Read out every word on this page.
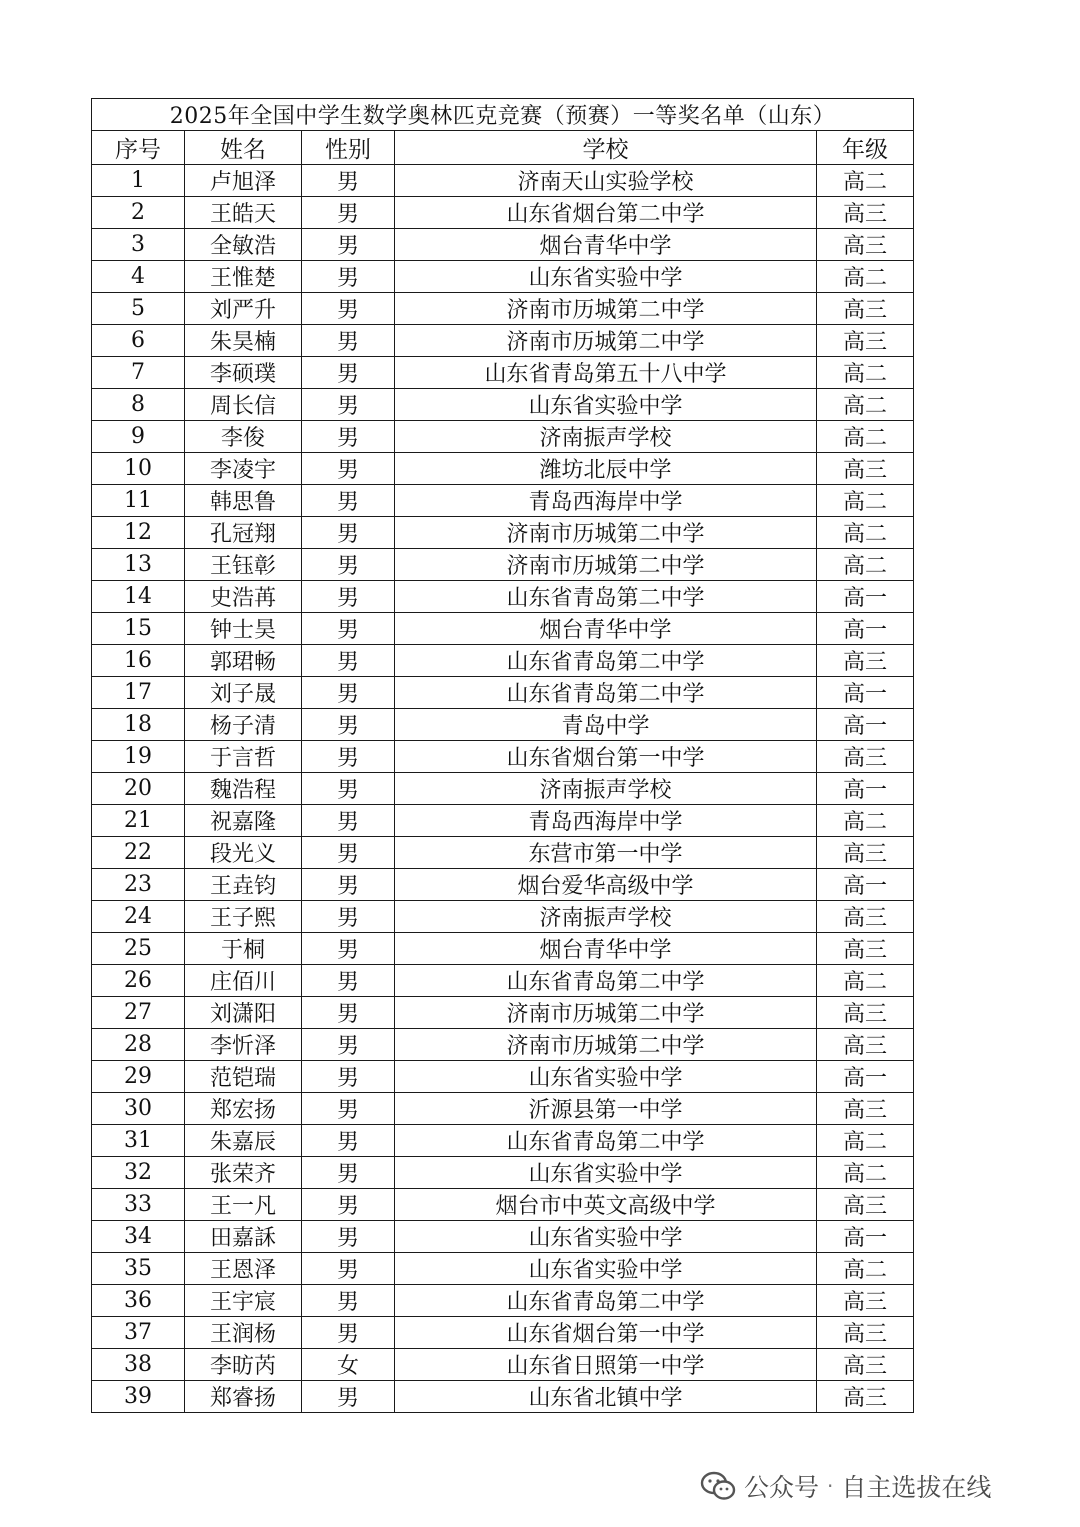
2025年全国中学生数学奥林匹克竞赛（预赛）一等奖名单（山东）				
序号	姓名	性别	学校	年级
1	卢旭泽	男	济南天山实验学校	高二
2	王皓天	男	山东省烟台第二中学	高三
3	全敏浩	男	烟台青华中学	高三
4	王惟楚	男	山东省实验中学	高二
5	刘严升	男	济南市历城第二中学	高三
6	朱昊楠	男	济南市历城第二中学	高三
7	李硕璞	男	山东省青岛第五十八中学	高二
8	周长信	男	山东省实验中学	高二
9	李俊	男	济南振声学校	高二
10	李凌宇	男	潍坊北辰中学	高三
11	韩思鲁	男	青岛西海岸中学	高二
12	孔冠翔	男	济南市历城第二中学	高二
13	王钰彰	男	济南市历城第二中学	高二
14	史浩苒	男	山东省青岛第二中学	高一
15	钟士昊	男	烟台青华中学	高一
16	郭珺畅	男	山东省青岛第二中学	高三
17	刘子晟	男	山东省青岛第二中学	高一
18	杨子清	男	青岛中学	高一
19	于言哲	男	山东省烟台第一中学	高三
20	魏浩程	男	济南振声学校	高一
21	祝嘉隆	男	青岛西海岸中学	高二
22	段光义	男	东营市第一中学	高三
23	王垚钧	男	烟台爱华高级中学	高一
24	王子熙	男	济南振声学校	高三
25	于桐	男	烟台青华中学	高三
26	庄佰川	男	山东省青岛第二中学	高二
27	刘潇阳	男	济南市历城第二中学	高三
28	李忻泽	男	济南市历城第二中学	高三
29	范铠瑞	男	山东省实验中学	高一
30	郑宏扬	男	沂源县第一中学	高三
31	朱嘉辰	男	山东省青岛第二中学	高二
32	张荣齐	男	山东省实验中学	高二
33	王一凡	男	烟台市中英文高级中学	高三
34	田嘉訸	男	山东省实验中学	高一
35	王恩泽	男	山东省实验中学	高二
36	王宇宸	男	山东省青岛第二中学	高三
37	王润杨	男	山东省烟台第一中学	高三
38	李昉芮	女	山东省日照第一中学	高三
39	郑睿扬	男	山东省北镇中学	高三
公众号 · 自主选拔在线
